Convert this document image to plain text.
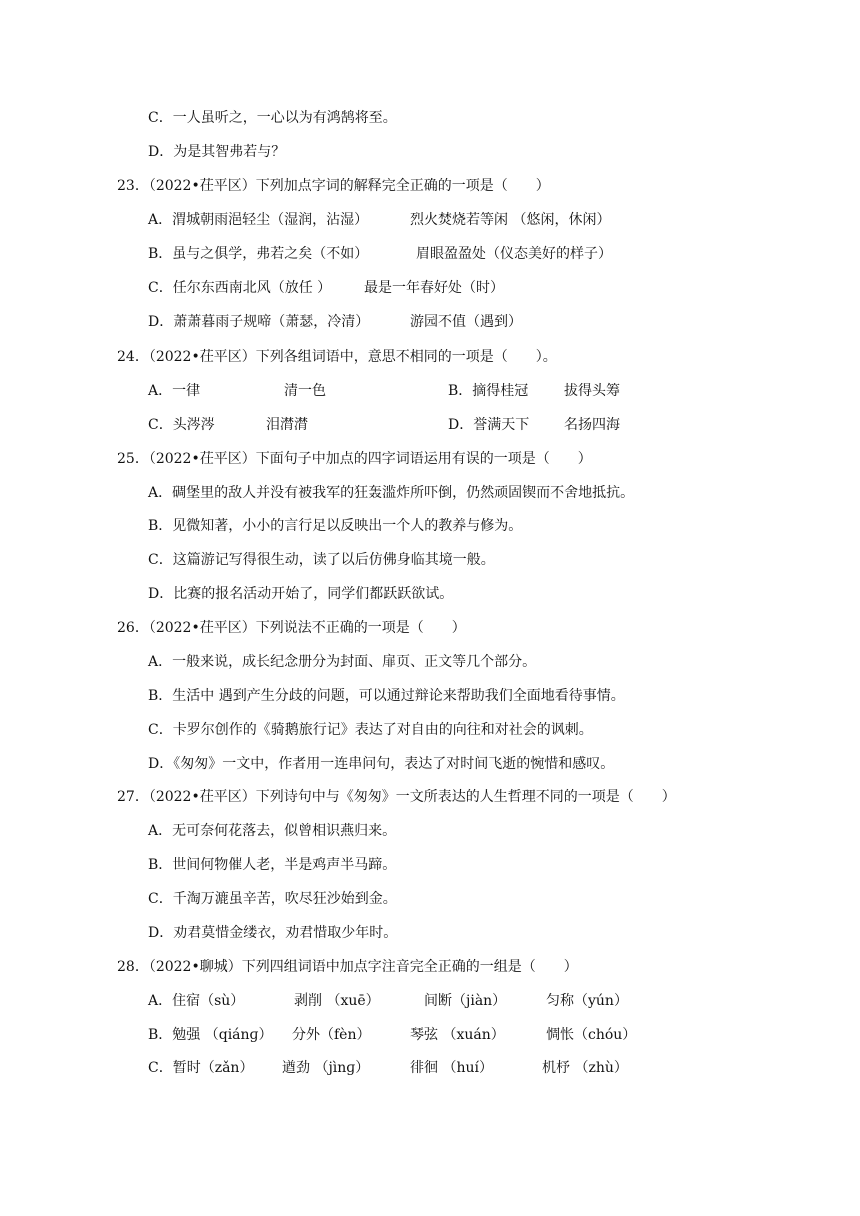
C．一人虽听之，一心以为有鸿鹄将至。
D．为是其智弗若与？
23．（2022•茌平区）下列加点字词的解释完全正确的一项是（　　）
A．渭城朝雨浥轻尘（湿润，沾湿）	烈火焚烧若等闲 （悠闲，休闲）
B．虽与之俱学，弗若之矣（不如）	眉眼盈盈处（仪态美好的样子）
C．任尔东西南北风（放任 ） 最是一年春好处（时）
D．萧萧暮雨子规啼（萧瑟，冷清）	游园不值（遇到）
24．（2022•茌平区）下列各组词语中，意思不相同的一项是（　　）。
A．一律	清一色	B．摘得桂冠	拔得头筹
C．头涔涔	泪潸潸	D．誉满天下 名扬四海
25．（2022•茌平区）下面句子中加点的四字词语运用有误的一项是（　　）
A．碉堡里的敌人并没有被我军的狂轰滥炸所吓倒，仍然顽固锲而不舍地抵抗。
B．见微知著，小小的言行足以反映出一个人的教养与修为。
C．这篇游记写得很生动，读了以后仿佛身临其境一般。
D．比赛的报名活动开始了，同学们都跃跃欲试。
26．（2022•茌平区）下列说法不正确的一项是（　　）
A．一般来说，成长纪念册分为封面、扉页、正文等几个部分。
B．生活中 遇到产生分歧的问题，可以通过辩论来帮助我们全面地看待事情。
C．卡罗尔创作的《骑鹅旅行记》表达了对自由的向往和对社会的讽刺。
D．《匆匆》一文中，作者用一连串问句，表达了对时间飞逝的惋惜和感叹。
27．（2022•茌平区）下列诗句中与《匆匆》一文所表达的人生哲理不同的一项是（　　）
A．无可奈何花落去，似曾相识燕归来。
B．世间何物催人老，半是鸡声半马蹄。
C．千淘万漉虽辛苦，吹尽狂沙始到金。
D．劝君莫惜金缕衣，劝君惜取少年时。
28．（2022•聊城）下列四组词语中加点字注音完全正确的一组是（　　）
A．住宿（sù）	剥削 （xuē）	间断（jiàn）	匀称（yún）
B．勉强 （qiánɡ） 分外（fèn）	琴弦 （xuán）	惆怅（chóu）
C．暂时（zǎn） 遒劲 （jìnɡ）	徘徊 （huí）	机杼 （zhù）
